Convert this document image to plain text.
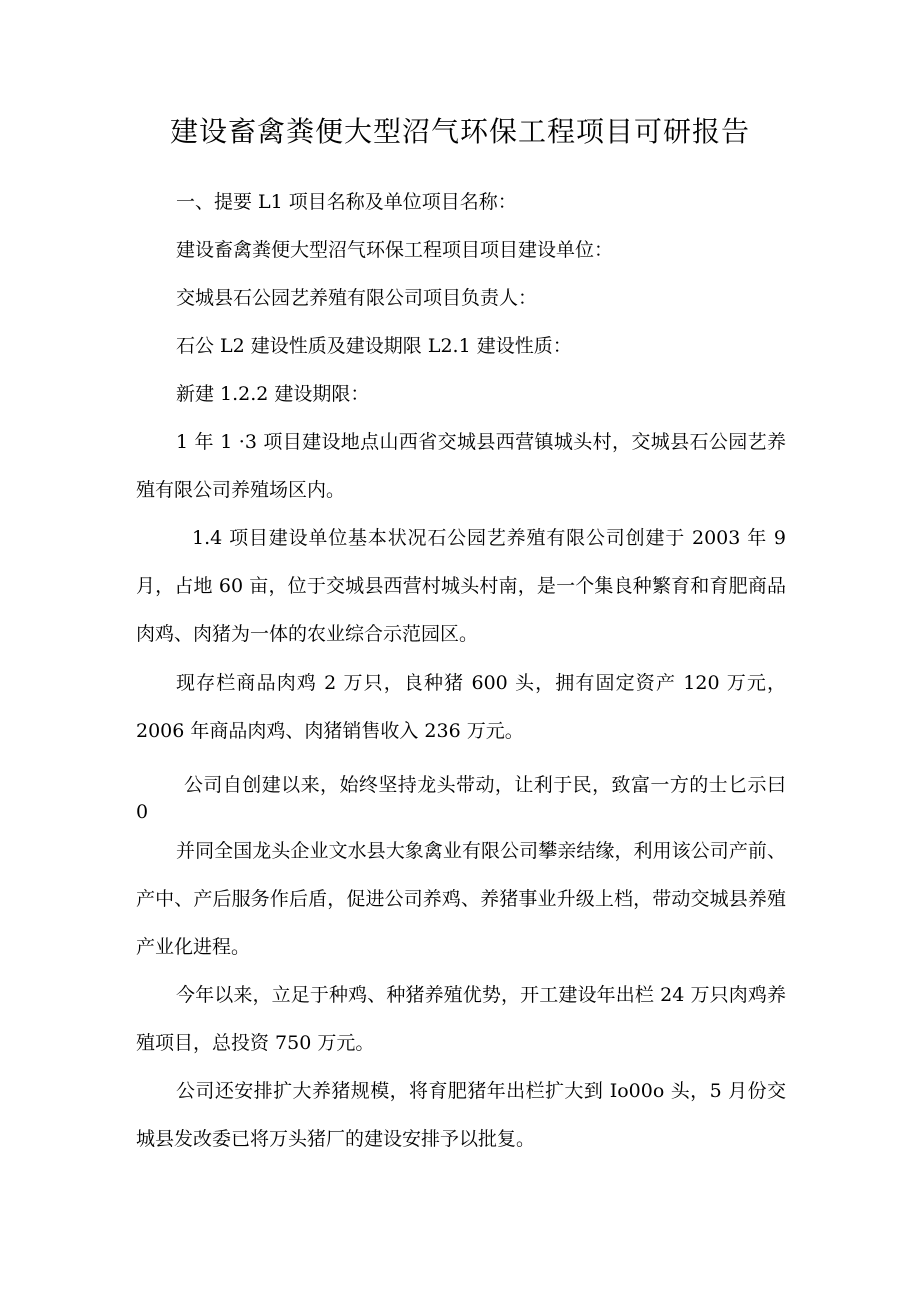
建设畜禽粪便大型沼气环保工程项目可研报告

一、提要 L1 项目名称及单位项目名称：

建设畜禽粪便大型沼气环保工程项目项目建设单位：

交城县石公园艺养殖有限公司项目负责人：

石公 L2 建设性质及建设期限 L2.1 建设性质：

新建 1.2.2 建设期限：

1 年 1 ·3 项目建设地点山西省交城县西营镇城头村，交城县石公园艺养殖有限公司养殖场区内。

1.4 项目建设单位基本状况石公园艺养殖有限公司创建于 2003 年 9 月，占地 60 亩，位于交城县西营村城头村南，是一个集良种繁育和育肥商品肉鸡、肉猪为一体的农业综合示范园区。

现存栏商品肉鸡 2 万只，良种猪 600 头，拥有固定资产 120 万元，2006 年商品肉鸡、肉猪销售收入 236 万元。

公司自创建以来，始终坚持龙头带动，让利于民，致富一方的士匕示曰 0

并同全国龙头企业文水县大象禽业有限公司攀亲结缘，利用该公司产前、产中、产后服务作后盾，促进公司养鸡、养猪事业升级上档，带动交城县养殖产业化进程。

今年以来，立足于种鸡、种猪养殖优势，开工建设年出栏 24 万只肉鸡养殖项目，总投资 750 万元。

公司还安排扩大养猪规模，将育肥猪年出栏扩大到 Io00o 头，5 月份交城县发改委已将万头猪厂的建设安排予以批复。
